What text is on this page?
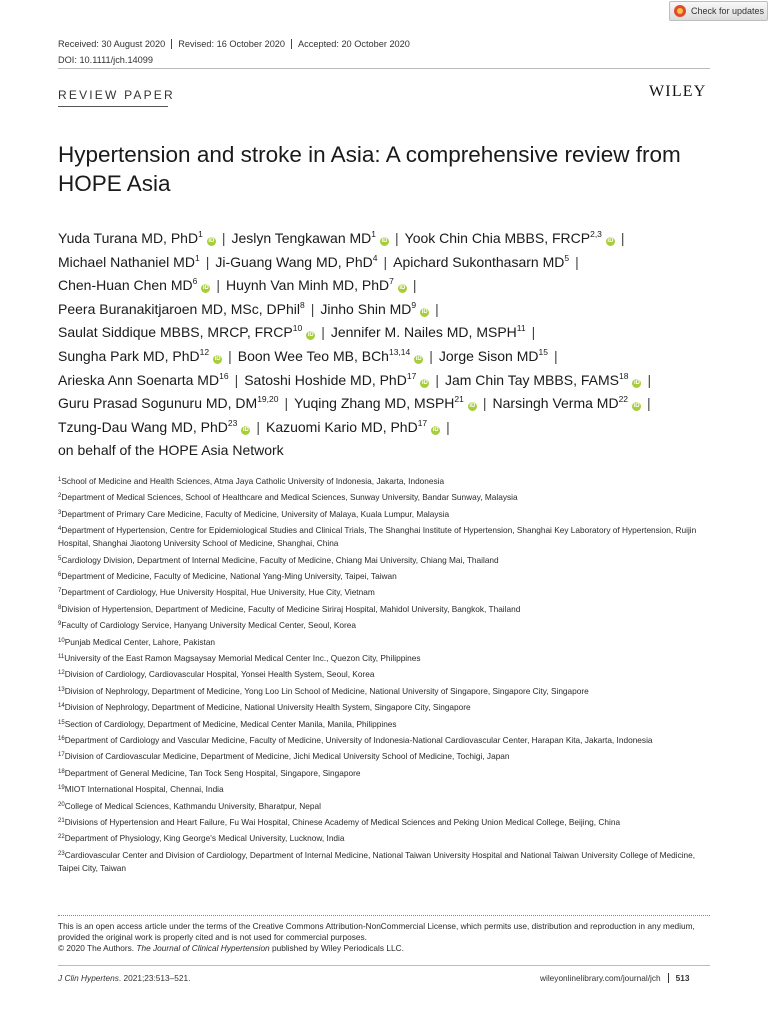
Check for updates
Received: 30 August 2020	Revised: 16 October 2020	Accepted: 20 October 2020
DOI: 10.1111/jch.14099
REVIEW PAPER	WILEY
Hypertension and stroke in Asia: A comprehensive review from HOPE Asia
Yuda Turana MD, PhD$^1$iD | Jeslyn Tengkawan $MD^1iD$ | Yook Chin Chia MBBS, FRCP$^{2,3}$iD |
Michael Nathaniel $MD^1$ | Ji-Guang Wang MD, PhD$^4$ | Apichard Sukonthasarn $MD^5$ |
Chen-Huan Chen $MD^6iD$ | Huynh Van Minh MD, PhD$^7$iD |
Peera Buranakitjaroen MD, MSc, DPhil$^8$ | Jinho Shin $MD^9iD$ |
Saulat Siddique MBBS, MRCP, FRCP$^{10}$iD | Jennifer M. Nailes MD, MSPH$^{11}$ |
Sungha Park MD, PhD$^{12}$iD | Boon Wee Teo MB, BCh$^{13,14}$iD | Jorge Sison MD$^{15}$ |
Arieska Ann Soenarta MD$^{16}$ | Satoshi Hoshide MD, PhD$^{17}$iD | Jam Chin Tay MBBS, FAMS$^{18}$iD |
Guru Prasad Sogunuru MD, DM$^{19,20}$ | Yuqing Zhang MD, MSPH$^{21}$iD | Narsingh Verma MD$^{22}$iD |
Tzung-Dau Wang MD, PhD$^{23}$iD | Kazuomi Kario MD, PhD$^{17}$iD |
on behalf of the HOPE Asia Network
$^1$School of Medicine and Health Sciences, Atma Jaya Catholic University of Indonesia, Jakarta, Indonesia
$^2$Department of Medical Sciences, School of Healthcare and Medical Sciences, Sunway University, Bandar Sunway, Malaysia
$^3$Department of Primary Care Medicine, Faculty of Medicine, University of Malaya, Kuala Lumpur, Malaysia
$^4$Department of Hypertension, Centre for Epidemiological Studies and Clinical Trials, The Shanghai Institute of Hypertension, Shanghai Key Laboratory of Hypertension, Ruijin Hospital, Shanghai Jiaotong University School of Medicine, Shanghai, China
$^5$Cardiology Division, Department of Internal Medicine, Faculty of Medicine, Chiang Mai University, Chiang Mai, Thailand
$^6$Department of Medicine, Faculty of Medicine, National Yang-Ming University, Taipei, Taiwan
$^7$Department of Cardiology, Hue University Hospital, Hue University, Hue City, Vietnam
$^8$Division of Hypertension, Department of Medicine, Faculty of Medicine Siriraj Hospital, Mahidol University, Bangkok, Thailand
$^9$Faculty of Cardiology Service, Hanyang University Medical Center, Seoul, Korea
$^{10}$Punjab Medical Center, Lahore, Pakistan
$^{11}$University of the East Ramon Magsaysay Memorial Medical Center Inc., Quezon City, Philippines
$^{12}$Division of Cardiology, Cardiovascular Hospital, Yonsei Health System, Seoul, Korea
$^{13}$Division of Nephrology, Department of Medicine, Yong Loo Lin School of Medicine, National University of Singapore, Singapore City, Singapore
$^{14}$Division of Nephrology, Department of Medicine, National University Health System, Singapore City, Singapore
$^{15}$Section of Cardiology, Department of Medicine, Medical Center Manila, Manila, Philippines
$^{16}$Department of Cardiology and Vascular Medicine, Faculty of Medicine, University of Indonesia-National Cardiovascular Center, Harapan Kita, Jakarta, Indonesia
$^{17}$Division of Cardiovascular Medicine, Department of Medicine, Jichi Medical University School of Medicine, Tochigi, Japan
$^{18}$Department of General Medicine, Tan Tock Seng Hospital, Singapore, Singapore
$^{19}$MIOT International Hospital, Chennai, India
$^{20}$College of Medical Sciences, Kathmandu University, Bharatpur, Nepal
$^{21}$Divisions of Hypertension and Heart Failure, Fu Wai Hospital, Chinese Academy of Medical Sciences and Peking Union Medical College, Beijing, China
$^{22}$Department of Physiology, King George's Medical University, Lucknow, India
$^{23}$Cardiovascular Center and Division of Cardiology, Department of Internal Medicine, National Taiwan University Hospital and National Taiwan University College of Medicine, Taipei City, Taiwan
This is an open access article under the terms of the Creative Commons Attribution-NonCommercial License, which permits use, distribution and reproduction in any medium, provided the original work is properly cited and is not used for commercial purposes.
© 2020 The Authors. The Journal of Clinical Hypertension published by Wiley Periodicals LLC.
J Clin Hypertens. 2021;23:513–521.	wileyonlinelibrary.com/journal/jch	513
